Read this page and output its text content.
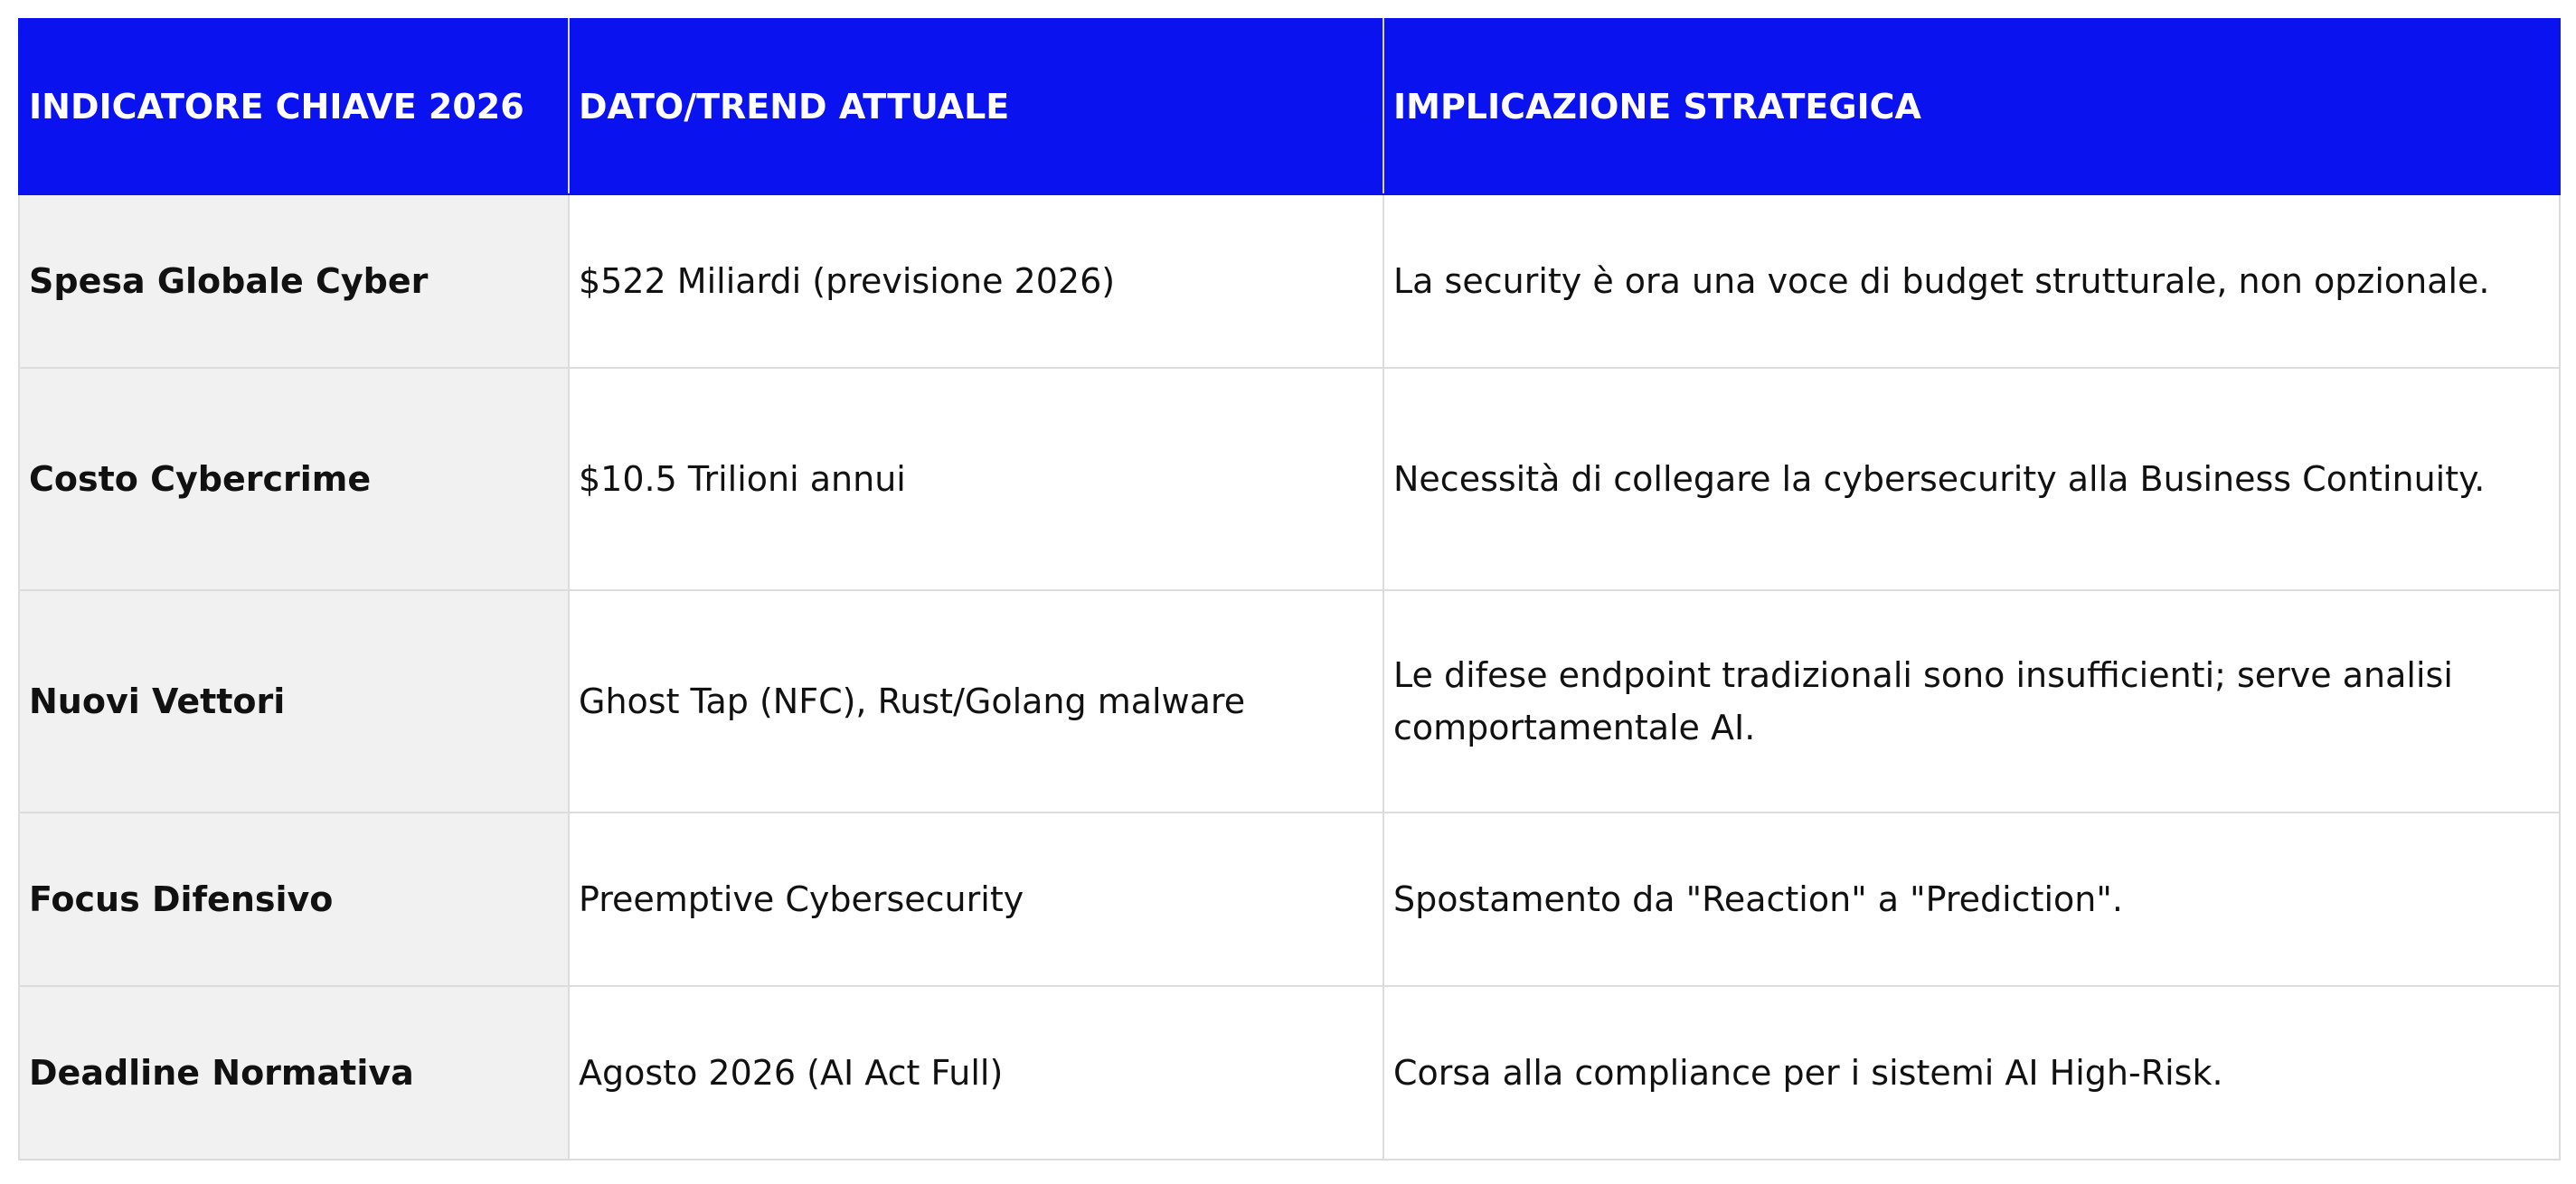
INDICATORE CHIAVE 2026	DATO/TREND ATTUALE	IMPLICAZIONE STRATEGICA
Spesa Globale Cyber	$522 Miliardi (previsione 2026)	La security è ora una voce di budget strutturale, non opzionale.
Costo Cybercrime	$10.5 Trilioni annui	Necessità di collegare la cybersecurity alla Business Continuity.
Nuovi Vettori	Ghost Tap (NFC), Rust/Golang malware	Le difese endpoint tradizionali sono insufficienti; serve analisi comportamentale AI.
Focus Difensivo	Preemptive Cybersecurity	Spostamento da "Reaction" a "Prediction".
Deadline Normativa	Agosto 2026 (AI Act Full)	Corsa alla compliance per i sistemi AI High-Risk.
